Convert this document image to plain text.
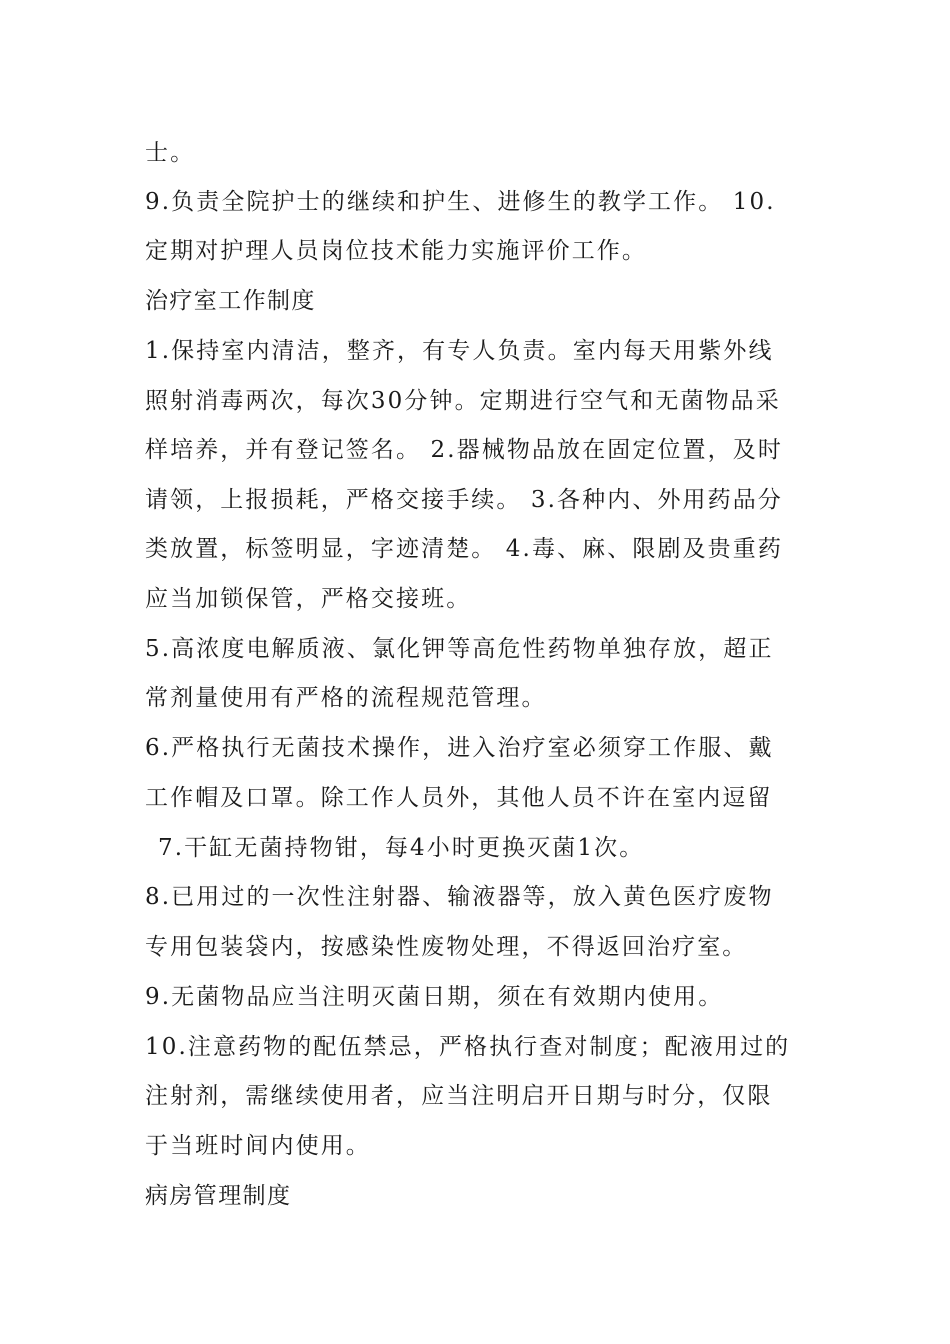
士。
9.负责全院护士的继续和护生、进修生的教学工作。 10.
定期对护理人员岗位技术能力实施评价工作。
治疗室工作制度
1.保持室内清洁，整齐，有专人负责。室内每天用紫外线
照射消毒两次，每次30分钟。定期进行空气和无菌物品采
样培养，并有登记签名。 2.器械物品放在固定位置，及时
请领，上报损耗，严格交接手续。 3.各种内、外用药品分
类放置，标签明显，字迹清楚。 4.毒、麻、限剧及贵重药
应当加锁保管，严格交接班。
5.高浓度电解质液、氯化钾等高危性药物单独存放，超正
常剂量使用有严格的流程规范管理。
6.严格执行无菌技术操作，进入治疗室必须穿工作服、戴
工作帽及口罩。除工作人员外，其他人员不许在室内逗留
7.干缸无菌持物钳，每4小时更换灭菌1次。
8.已用过的一次性注射器、输液器等，放入黄色医疗废物
专用包装袋内，按感染性废物处理，不得返回治疗室。
9.无菌物品应当注明灭菌日期，须在有效期内使用。
10.注意药物的配伍禁忌，严格执行查对制度；配液用过的
注射剂，需继续使用者，应当注明启开日期与时分，仅限
于当班时间内使用。
病房管理制度
